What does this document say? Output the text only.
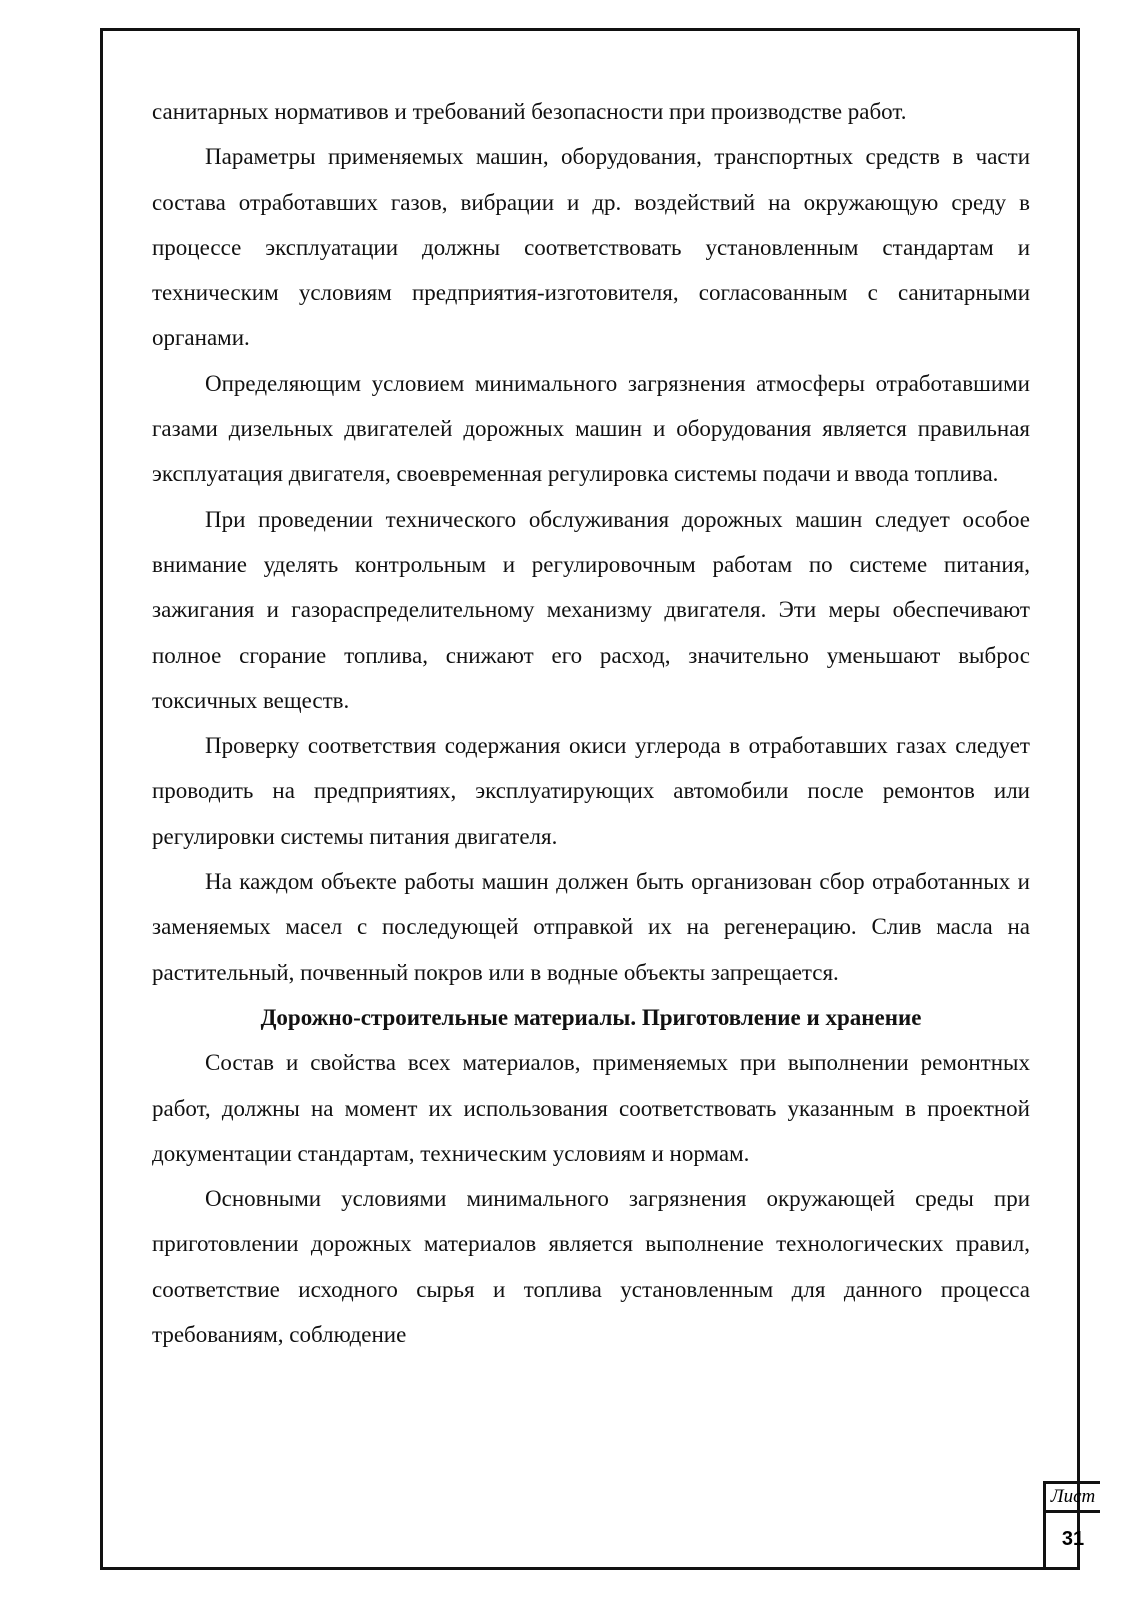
санитарных нормативов и требований безопасности при производстве работ.

Параметры применяемых машин, оборудования, транспортных средств в части состава отработавших газов, вибрации и др. воздействий на окружающую среду в процессе эксплуатации должны соответствовать установленным стандартам и техническим условиям предприятия-изготовителя, согласованным с санитарными органами.

Определяющим условием минимального загрязнения атмосферы отработавшими газами дизельных двигателей дорожных машин и оборудования является правильная эксплуатация двигателя, своевременная регулировка системы подачи и ввода топлива.

При проведении технического обслуживания дорожных машин следует особое внимание уделять контрольным и регулировочным работам по системе питания, зажигания и газораспределительному механизму двигателя. Эти меры обеспечивают полное сгорание топлива, снижают его расход, значительно уменьшают выброс токсичных веществ.

Проверку соответствия содержания окиси углерода в отработавших газах следует проводить на предприятиях, эксплуатирующих автомобили после ремонтов или регулировки системы питания двигателя.

На каждом объекте работы машин должен быть организован сбор отработанных и заменяемых масел с последующей отправкой их на регенерацию. Слив масла на растительный, почвенный покров или в водные объекты запрещается.

Дорожно-строительные материалы. Приготовление и хранение

Состав и свойства всех материалов, применяемых при выполнении ремонтных работ, должны на момент их использования соответствовать указанным в проектной документации стандартам, техническим условиям и нормам.

Основными условиями минимального загрязнения окружающей среды при приготовлении дорожных материалов является выполнение технологических правил, соответствие исходного сырья и топлива установленным для данного процесса требованиям, соблюдение

Лист
31
